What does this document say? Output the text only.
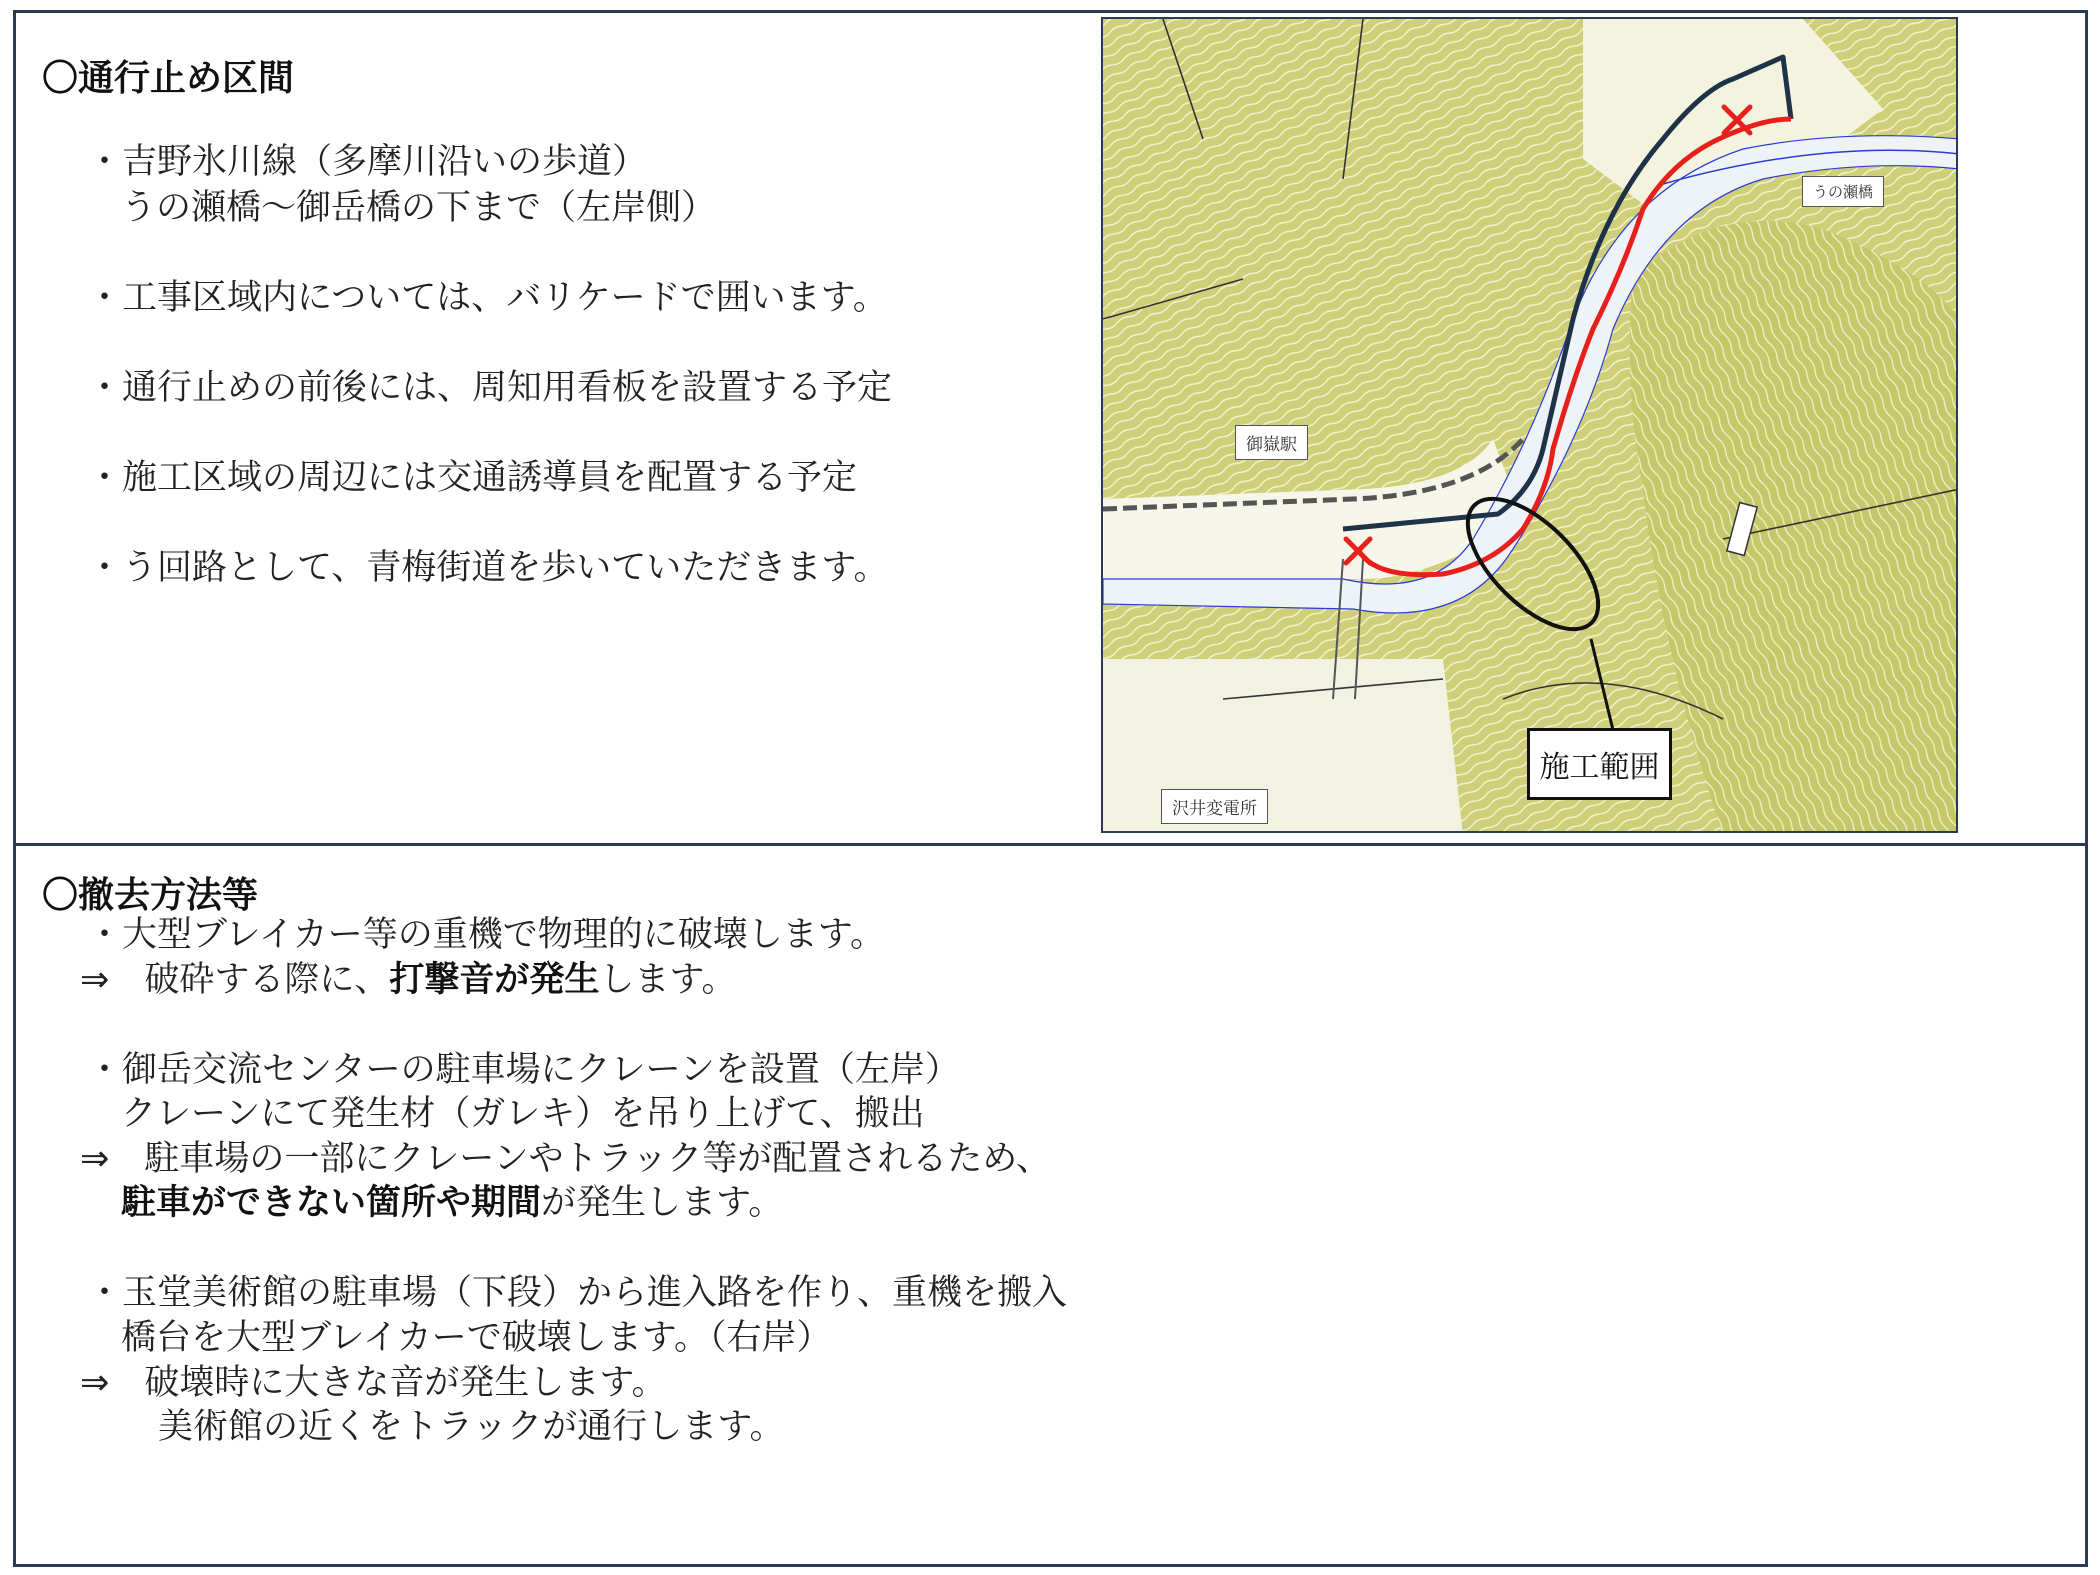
〇通行止め区間
・吉野氷川線（多摩川沿いの歩道）
うの瀬橋～御岳橋の下まで（左岸側）
・工事区域内については、バリケードで囲います。
・通行止めの前後には、周知用看板を設置する予定
・施工区域の周辺には交通誘導員を配置する予定
・う回路として、青梅街道を歩いていただきます。
御嶽駅
うの瀬橋
沢井変電所
施工範囲
〇撤去方法等
・大型ブレイカー等の重機で物理的に破壊します。
⇒　破砕する際に、打撃音が発生します。
・御岳交流センターの駐車場にクレーンを設置（左岸）
クレーンにて発生材（ガレキ）を吊り上げて、搬出
⇒　駐車場の一部にクレーンやトラック等が配置されるため、
駐車ができない箇所や期間が発生します。
・玉堂美術館の駐車場（下段）から進入路を作り、重機を搬入
橋台を大型ブレイカーで破壊します。（右岸）
⇒　破壊時に大きな音が発生します。
美術館の近くをトラックが通行します。
